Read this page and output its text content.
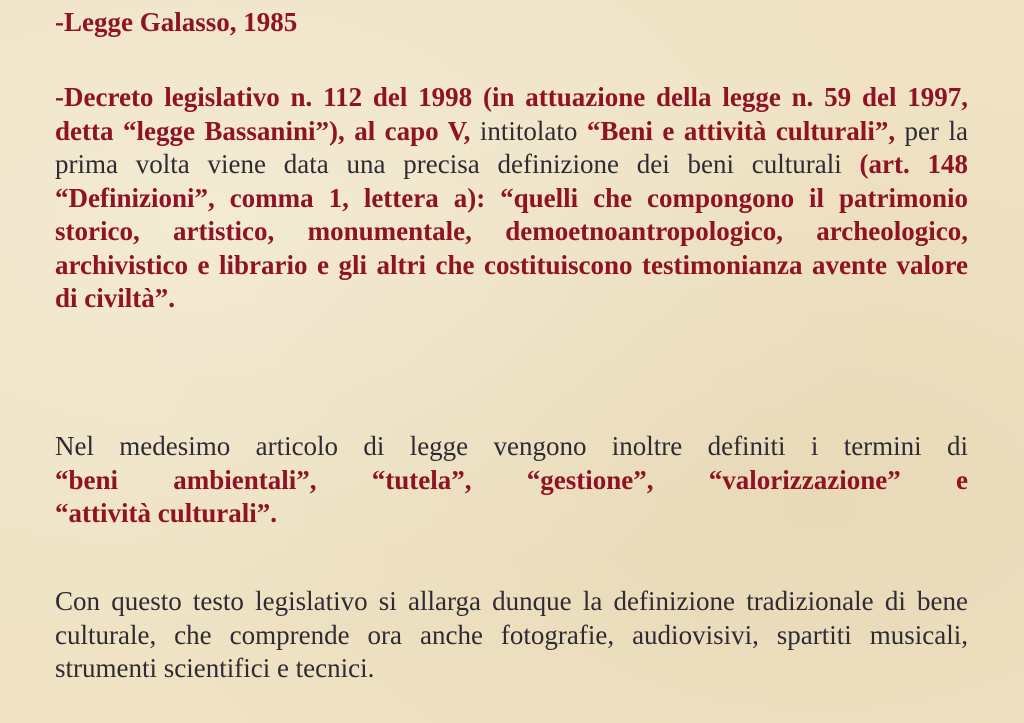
-Legge Galasso, 1985
-Decreto legislativo n. 112 del 1998 (in attuazione della legge n. 59 del 1997, detta “legge Bassanini”), al capo V, intitolato “Beni e attività culturali”, per la prima volta viene data una precisa definizione dei beni culturali (art. 148 “Definizioni”, comma 1, lettera a): “quelli che compongono il patrimonio storico, artistico, monumentale, demoetnoantropologico, archeologico, archivistico e librario e gli altri che costituiscono testimonianza avente valore di civiltà”.
Nel medesimo articolo di legge vengono inoltre definiti i termini di
“beni ambientali”, “tutela”, “gestione”, “valorizzazione” e
“attività culturali”.
Con questo testo legislativo si allarga dunque la definizione tradizionale di bene culturale, che comprende ora anche fotografie, audiovisivi, spartiti musicali, strumenti scientifici e tecnici.
